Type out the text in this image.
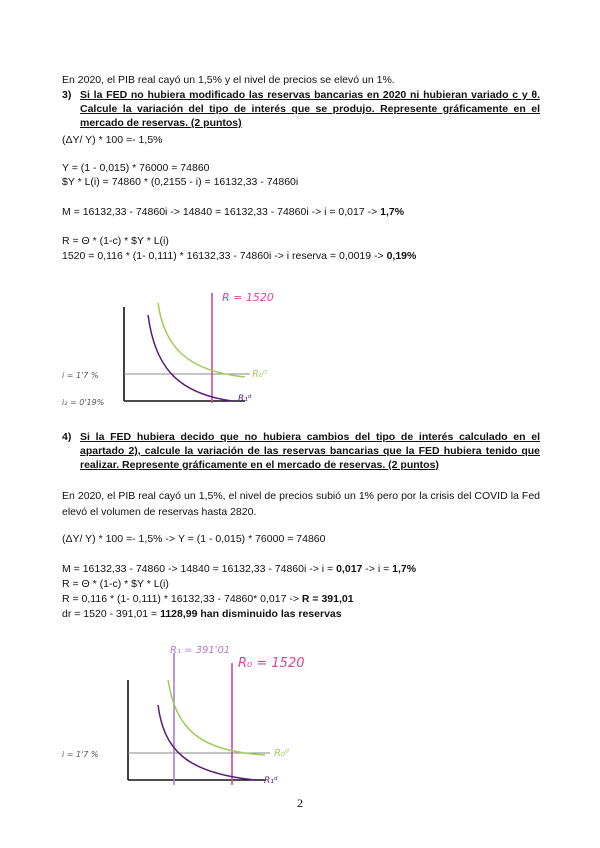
En 2020, el PIB real cayó un 1,5% y el nivel de precios se elevó un 1%.
3) Si la FED no hubiera modificado las reservas bancarias en 2020 ni hubieran variado c y θ. Calcule la variación del tipo de interés que se produjo. Represente gráficamente en el mercado de reservas. (2 puntos)
(ΔY/ Y) * 100 =- 1,5%
Y = (1 - 0,015) * 76000 = 74860
$Y * L(i) = 74860 * (0,2155 - i) = 16132,33 - 74860i
M = 16132,33 - 74860i -> 14840 = 16132,33 - 74860i -> i = 0,017 -> 1,7%
R = Θ * (1-c) * $Y * L(i)
1520 = 0,116 * (1- 0,111) * 16132,33 - 74860i -> i reserva = 0,0019 -> 0,19%
R = 1520
i = 1'7 %
i₂ = 0'19%
R₀ᵈ
R₁ᵈ
4) Si la FED hubiera decido que no hubiera cambios del tipo de interés calculado en el apartado 2), calcule la variación de las reservas bancarias que la FED hubiera tenido que realizar. Represente gráficamente en el mercado de reservas. (2 puntos)
En 2020, el PIB real cayó un 1,5%, el nivel de precios subió un 1% pero por la crisis del COVID la Fed elevó el volumen de reservas hasta 2820.
(ΔY/ Y) * 100 =- 1,5% -> Y = (1 - 0,015) * 76000 = 74860
M = 16132,33 - 74860 -> 14840 = 16132,33 - 74860i -> i = 0,017 -> i = 1,7%
R = Θ * (1-c) * $Y * L(i)
R = 0,116 * (1- 0,111) * 16132,33 - 74860* 0,017 -> R = 391,01
dr = 1520 - 391,01 = 1128,99 han disminuido las reservas
R₁ = 391'01
R₀ = 1520
i = 1'7 %	R₀ᵈ
R₁ᵈ
2
